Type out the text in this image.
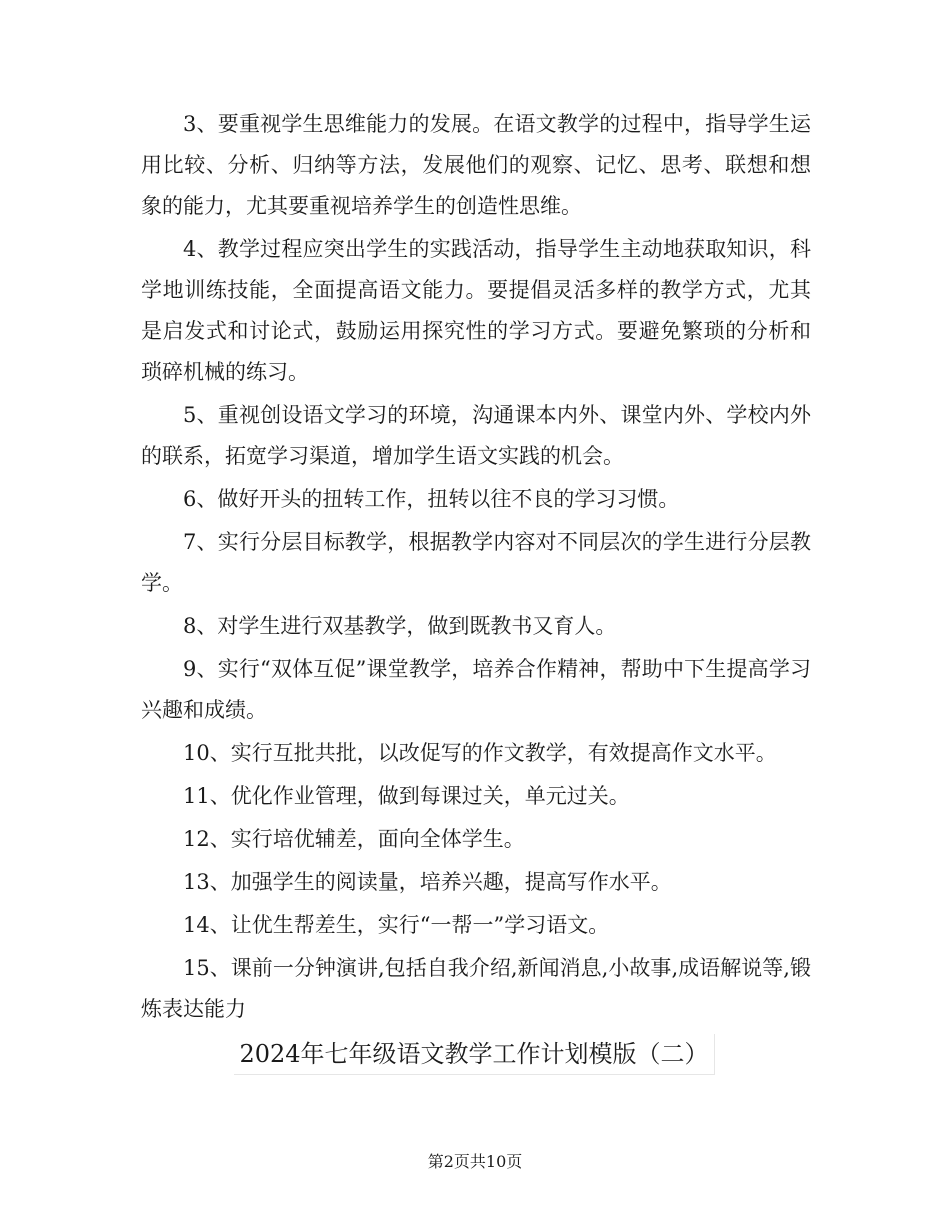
3、要重视学生思维能力的发展。在语文教学的过程中，指导学生运用比较、分析、归纳等方法，发展他们的观察、记忆、思考、联想和想象的能力，尤其要重视培养学生的创造性思维。

4、教学过程应突出学生的实践活动，指导学生主动地获取知识，科学地训练技能，全面提高语文能力。要提倡灵活多样的教学方式，尤其是启发式和讨论式，鼓励运用探究性的学习方式。要避免繁琐的分析和琐碎机械的练习。

5、重视创设语文学习的环境，沟通课本内外、课堂内外、学校内外的联系，拓宽学习渠道，增加学生语文实践的机会。

6、做好开头的扭转工作，扭转以往不良的学习习惯。

7、实行分层目标教学，根据教学内容对不同层次的学生进行分层教学。

8、对学生进行双基教学，做到既教书又育人。

9、实行“双体互促”课堂教学，培养合作精神，帮助中下生提高学习兴趣和成绩。

10、实行互批共批，以改促写的作文教学，有效提高作文水平。

11、优化作业管理，做到每课过关，单元过关。

12、实行培优辅差，面向全体学生。

13、加强学生的阅读量，培养兴趣，提高写作水平。

14、让优生帮差生，实行“一帮一”学习语文。

15、课前一分钟演讲,包括自我介绍,新闻消息,小故事,成语解说等,锻炼表达能力

2024年七年级语文教学工作计划模版（二）
第2页共10页
